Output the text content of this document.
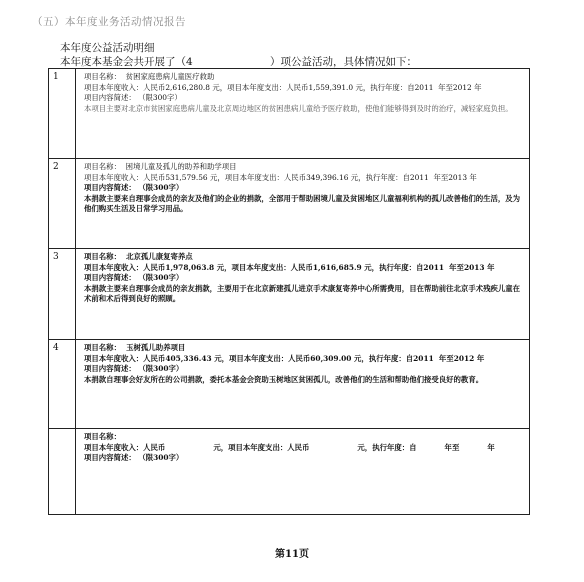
（五）本年度业务活动情况报告
本年度公益活动明细
本年度本基金会共开展了（4	）项公益活动，具体情况如下：
1	项目名称： 贫困家庭患病儿童医疗救助
项目本年度收入：人民币2,616,280.8 元，项目本年度支出：人民币1,559,391.0 元，执行年度：自2011 年至2012 年
项目内容简述： （限300字）
本项目主要对北京市贫困家庭患病儿童及北京周边地区的贫困患病儿童给予医疗救助，使他们能够得到及时的治疗，减轻家庭负担。

2	项目名称： 困境儿童及孤儿的助养和助学项目
项目本年度收入：人民币531,579.56 元，项目本年度支出：人民币349,396.16 元，执行年度：自2011 年至2013 年
项目内容简述： （限300字）
本捐款主要来自理事会成员的亲友及他们的企业的捐款，全部用于帮助困境儿童及贫困地区儿童福利机构的孤儿改善他们的生活，及为他们购买生活及日常学习用品。

3	项目名称： 北京孤儿康复寄养点
项目本年度收入：人民币1,978,063.8 元，项目本年度支出：人民币1,616,685.9 元，执行年度：自2011 年至2013 年
项目内容简述： （限300字）
本捐款主要来自理事会成员的亲友捐款，主要用于在北京新建孤儿进京手术康复寄养中心所需费用，目在帮助前往北京手术残疾儿童在术前和术后得到良好的照顾。

4	项目名称： 玉树孤儿助养项目
项目本年度收入：人民币405,336.43 元，项目本年度支出：人民币60,309.00 元，执行年度：自2011 年至2012 年
项目内容简述： （限300字）
本捐款自理事会好友所在的公司捐款，委托本基金会资助玉树地区贫困孤儿，改善他们的生活和帮助他们接受良好的教育。

	项目名称：
项目本年度收入：人民币 元，项目本年度支出：人民币 元，执行年度：自 年至 年
项目内容简述： （限300字）
第11页
